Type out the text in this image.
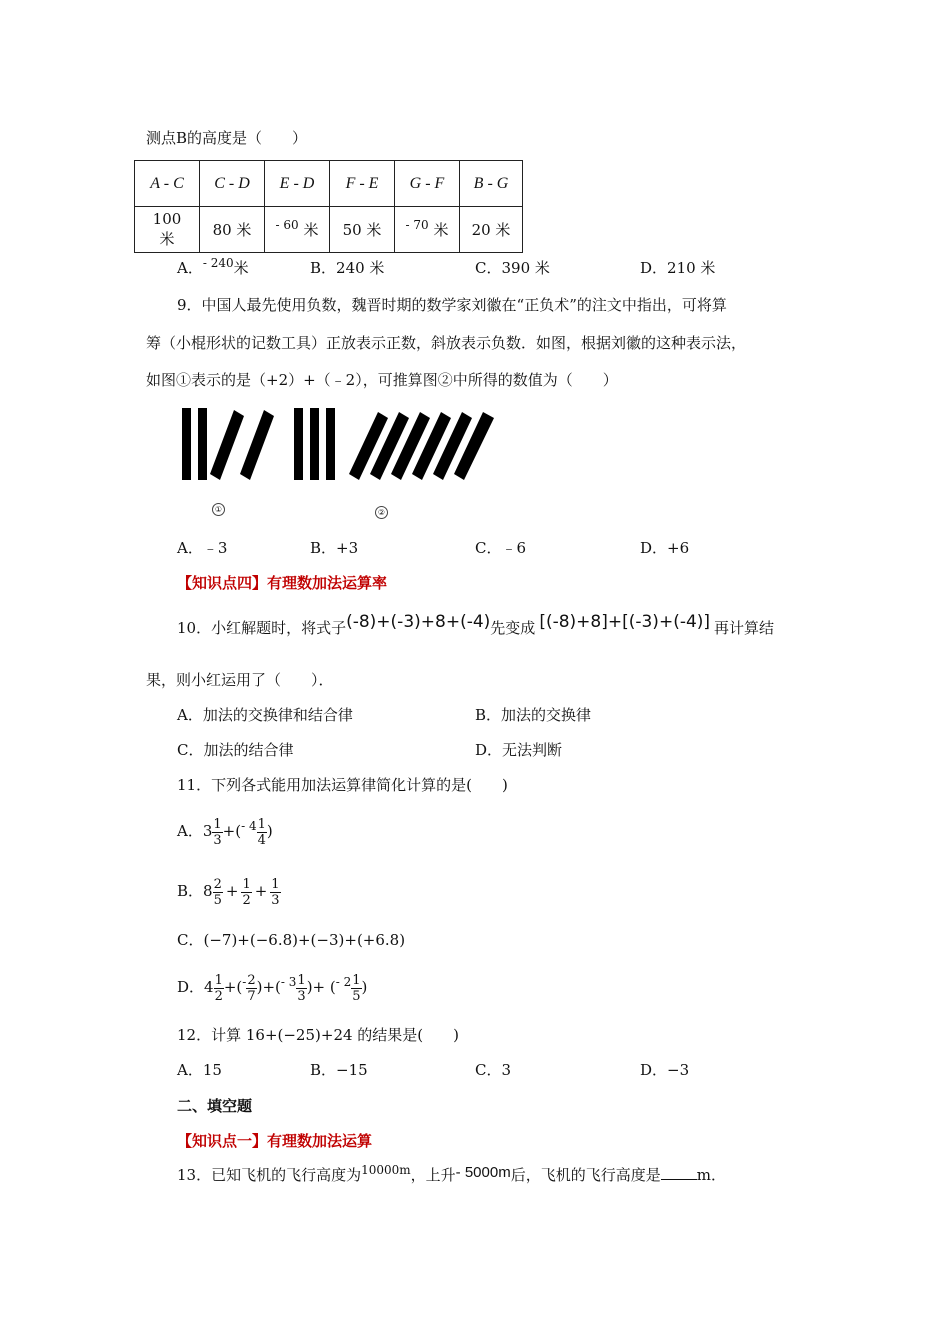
测点B的高度是（　　）
A - C	C - D	E - D	F - E	G - F	B - G
100 米	80 米	$^{- 60}$ 米	50 米	$^{- 70}$ 米	20 米
A．$^{- 240}$米	B．240 米	C．390 米	D．210 米
9．中国人最先使用负数，魏晋时期的数学家刘徽在“正负术”的注文中指出，可将算
筹（小棍形状的记数工具）正放表示正数，斜放表示负数．如图，根据刘徽的这种表示法，
如图①表示的是（+2）+（﹣2），可推算图②中所得的数值为（　　）
①	②
A．﹣3	B．+3	C．﹣6	D．+6
【知识点四】有理数加法运算率
10．小红解题时，将式子(-8)+(-3)+8+(-4)先变成 [(-8)+8]+[(-3)+(-4)] 再计算结
果，则小红运用了（　　）．
A．加法的交换律和结合律	B．加法的交换律
C．加法的结合律	D．无法判断
11．下列各式能用加法运算律简化计算的是(　　)
A．$3 \frac{1}{3} +(^{- 4} \frac{1}{4}$ )
B．$8 \frac{2}{5} + \frac{1}{2} + \frac{1}{3}$
C．(−7)+(−6.8)+(−3)+(+6.8)
D．$4 \frac{1}{2} +(^- \frac{2}{7} )+(^{- 3} \frac{1}{3}$ )+ ($^{- 2} \frac{1}{5}$ )
12．计算 16+(−25)+24 的结果是(　　)
A．15	B．−15	C．3	D．−3
二、填空题
【知识点一】有理数加法运算
13．已知飞机的飞行高度为$^{10000m}$，上升- 5000m后，飞机的飞行高度是 m．
